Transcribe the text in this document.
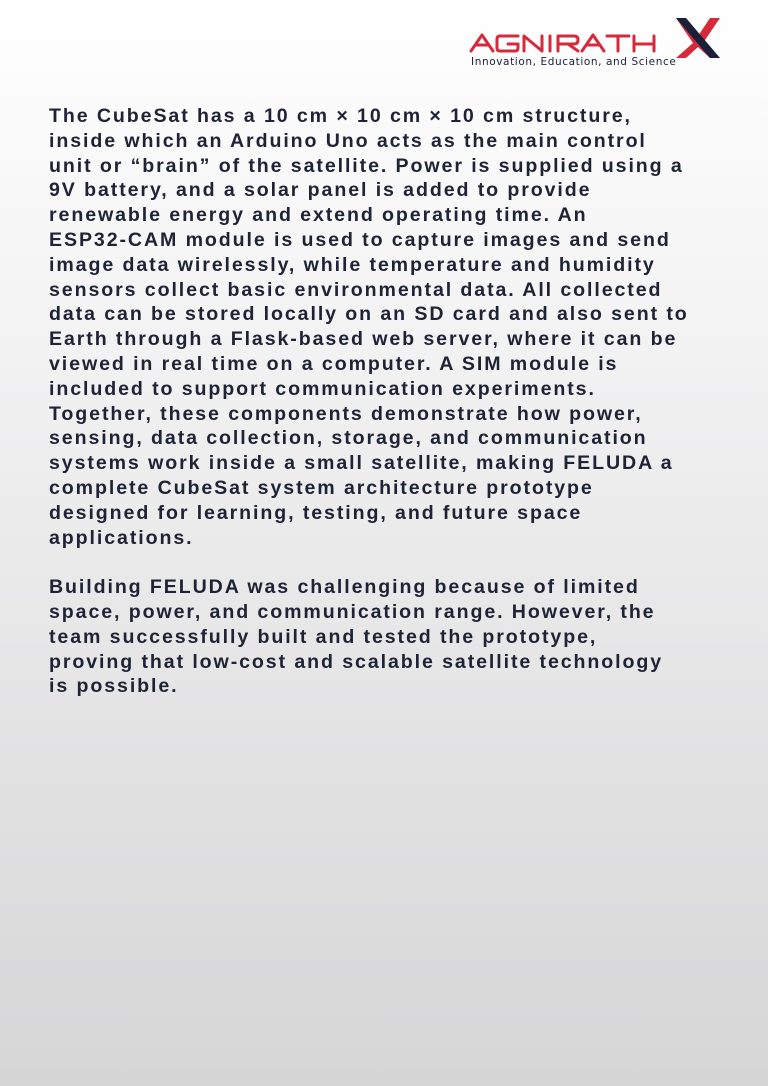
Innovation, Education, and Science

The CubeSat has a 10 cm × 10 cm × 10 cm structure,
inside which an Arduino Uno acts as the main control
unit or “brain” of the satellite. Power is supplied using a
9V battery, and a solar panel is added to provide
renewable energy and extend operating time. An
ESP32-CAM module is used to capture images and send
image data wirelessly, while temperature and humidity
sensors collect basic environmental data. All collected
data can be stored locally on an SD card and also sent to
Earth through a Flask-based web server, where it can be
viewed in real time on a computer. A SIM module is
included to support communication experiments.
Together, these components demonstrate how power,
sensing, data collection, storage, and communication
systems work inside a small satellite, making FELUDA a
complete CubeSat system architecture prototype
designed for learning, testing, and future space
applications.

Building FELUDA was challenging because of limited
space, power, and communication range. However, the
team successfully built and tested the prototype,
proving that low-cost and scalable satellite technology
is possible.
